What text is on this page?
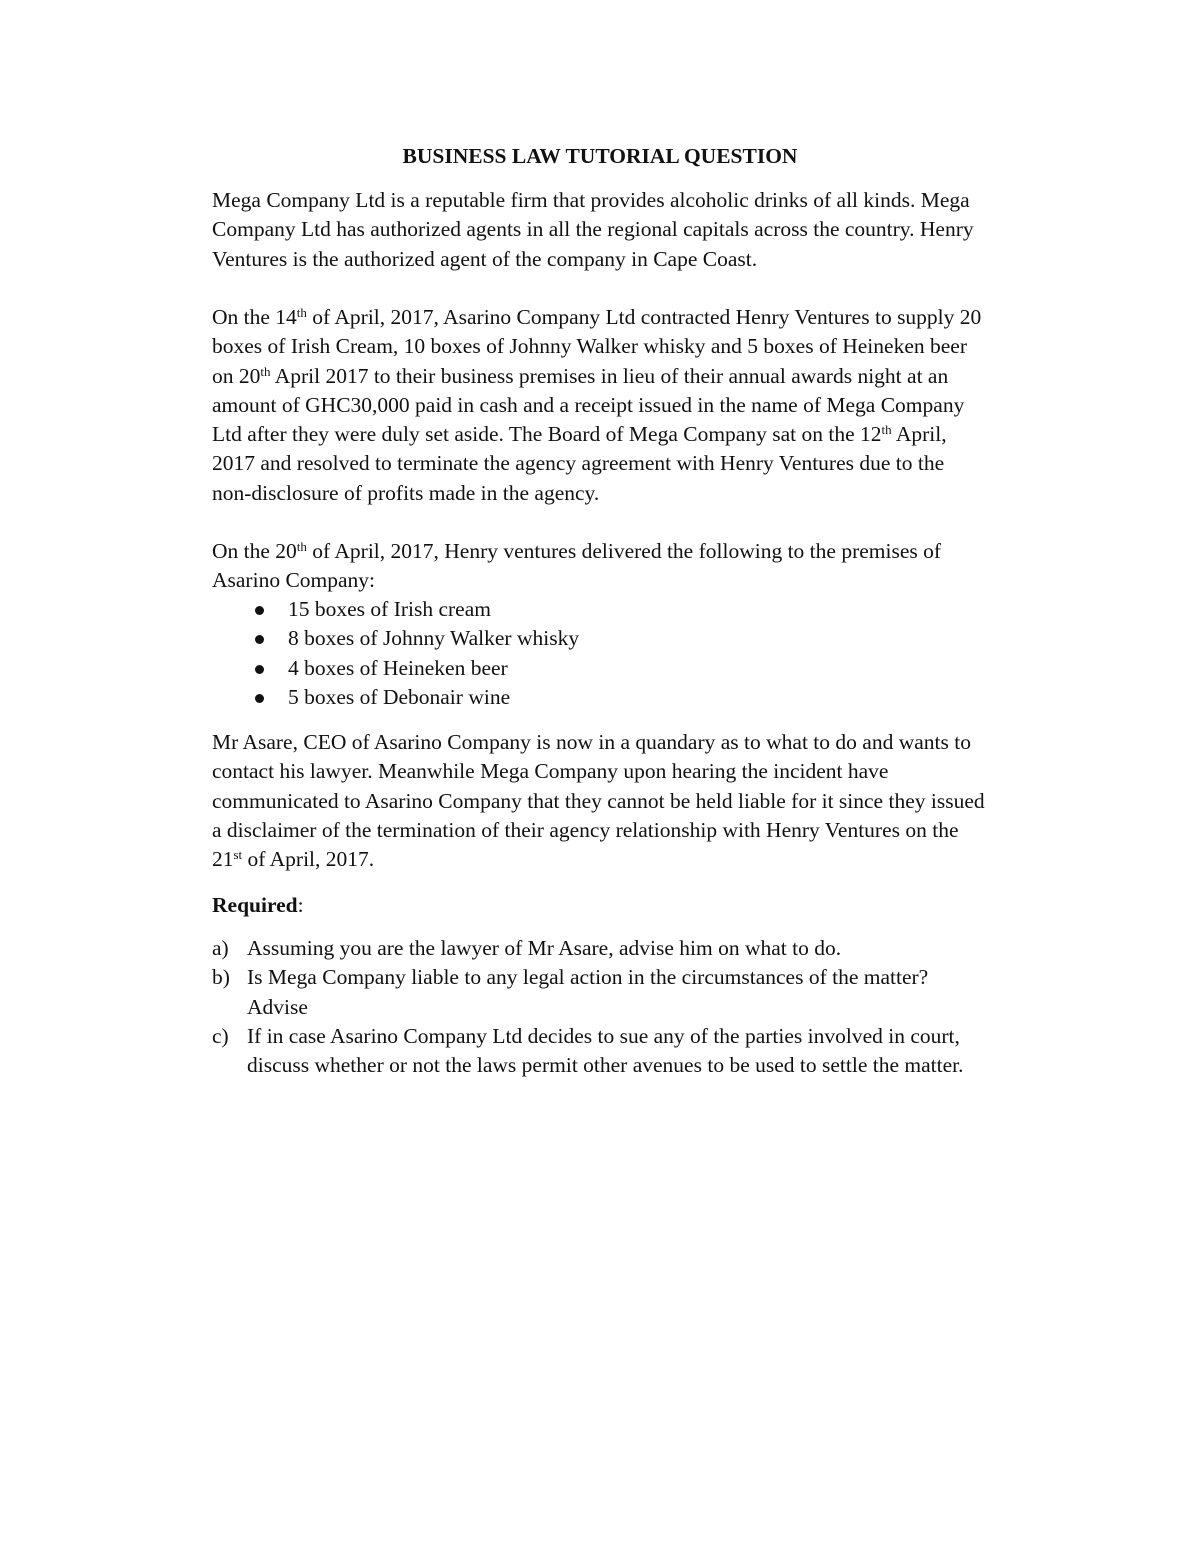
BUSINESS LAW TUTORIAL QUESTION
Mega Company Ltd is a reputable firm that provides alcoholic drinks of all kinds. Mega
Company Ltd has authorized agents in all the regional capitals across the country. Henry
Ventures is the authorized agent of the company in Cape Coast.
On the 14th of April, 2017, Asarino Company Ltd contracted Henry Ventures to supply 20
boxes of Irish Cream, 10 boxes of Johnny Walker whisky and 5 boxes of Heineken beer
on 20th April 2017 to their business premises in lieu of their annual awards night at an
amount of GHC30,000 paid in cash and a receipt issued in the name of Mega Company
Ltd after they were duly set aside. The Board of Mega Company sat on the 12th April,
2017 and resolved to terminate the agency agreement with Henry Ventures due to the
non-disclosure of profits made in the agency.
On the 20th of April, 2017, Henry ventures delivered the following to the premises of
Asarino Company:
15 boxes of Irish cream
8 boxes of Johnny Walker whisky
4 boxes of Heineken beer
5 boxes of Debonair wine
Mr Asare, CEO of Asarino Company is now in a quandary as to what to do and wants to
contact his lawyer. Meanwhile Mega Company upon hearing the incident have
communicated to Asarino Company that they cannot be held liable for it since they issued
a disclaimer of the termination of their agency relationship with Henry Ventures on the
21st of April, 2017.
Required:
a) Assuming you are the lawyer of Mr Asare, advise him on what to do.
b) Is Mega Company liable to any legal action in the circumstances of the matter?
Advise
c) If in case Asarino Company Ltd decides to sue any of the parties involved in court,
discuss whether or not the laws permit other avenues to be used to settle the matter.
